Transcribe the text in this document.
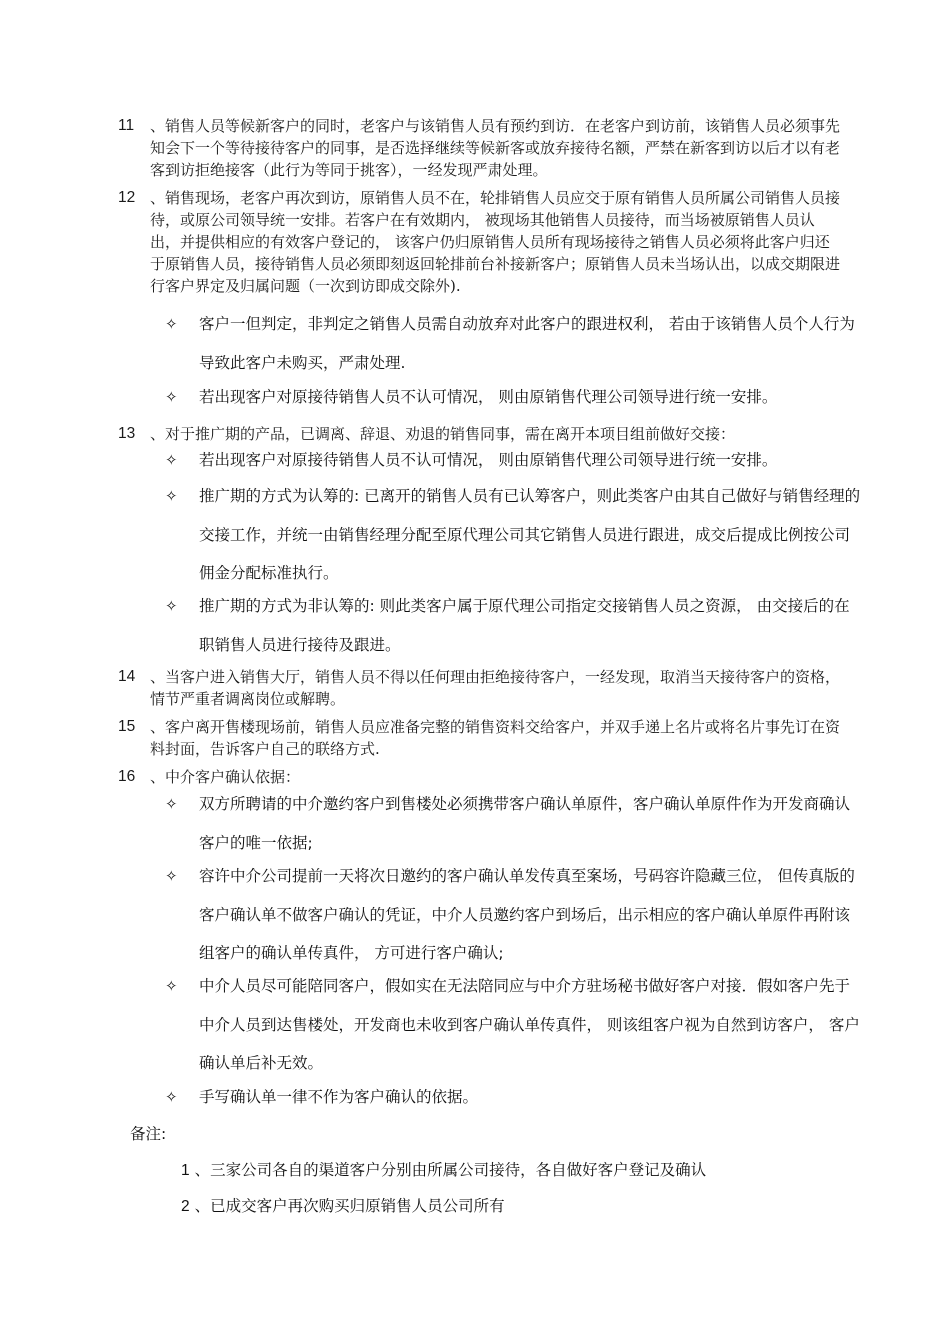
11	、销售人员等候新客户的同时，老客户与该销售人员有预约到访．在老客户到访前，该销售人员必须事先知会下一个等待接待客户的同事，是否选择继续等候新客或放弃接待名额，严禁在新客到访以后才以有老客到访拒绝接客（此行为等同于挑客），一经发现严肃处理。
12 、销售现场，老客户再次到访，原销售人员不在，轮排销售人员应交于原有销售人员所属公司销售人员接待，或原公司领导统一安排。若客户在有效期内， 被现场其他销售人员接待，而当场被原销售人员认出，并提供相应的有效客户登记的， 该客户仍归原销售人员所有现场接待之销售人员必须将此客户归还于原销售人员，接待销售人员必须即刻返回轮排前台补接新客户；原销售人员未当场认出，以成交期限进行客户界定及归属问题（一次到访即成交除外).
✧	客户一但判定，非判定之销售人员需自动放弃对此客户的跟进权利， 若由于该销售人员个人行为导致此客户未购买，严肃处理.
✧	若出现客户对原接待销售人员不认可情况， 则由原销售代理公司领导进行统一安排。
13 、对于推广期的产品，已调离、辞退、劝退的销售同事，需在离开本项目组前做好交接：
✧	若出现客户对原接待销售人员不认可情况， 则由原销售代理公司领导进行统一安排。
✧	推广期的方式为认筹的: 已离开的销售人员有已认筹客户，则此类客户由其自己做好与销售经理的交接工作，并统一由销售经理分配至原代理公司其它销售人员进行跟进，成交后提成比例按公司佣金分配标准执行。
✧	推广期的方式为非认筹的: 则此类客户属于原代理公司指定交接销售人员之资源， 由交接后的在职销售人员进行接待及跟进。
14 、当客户进入销售大厅，销售人员不得以任何理由拒绝接待客户，一经发现，取消当天接待客户的资格，情节严重者调离岗位或解聘。
15 、客户离开售楼现场前，销售人员应准备完整的销售资料交给客户，并双手递上名片或将名片事先订在资料封面，告诉客户自己的联络方式.
16 、中介客户确认依据：
✧	双方所聘请的中介邀约客户到售楼处必须携带客户确认单原件，客户确认单原件作为开发商确认客户的唯一依据;
✧	容许中介公司提前一天将次日邀约的客户确认单发传真至案场，号码容许隐藏三位， 但传真版的客户确认单不做客户确认的凭证，中介人员邀约客户到场后，出示相应的客户确认单原件再附该组客户的确认单传真件， 方可进行客户确认;
✧	中介人员尽可能陪同客户，假如实在无法陪同应与中介方驻场秘书做好客户对接．假如客户先于中介人员到达售楼处，开发商也未收到客户确认单传真件， 则该组客户视为自然到访客户， 客户确认单后补无效。
✧	手写确认单一律不作为客户确认的依据。
备注:
1 、三家公司各自的渠道客户分别由所属公司接待，各自做好客户登记及确认
2 、已成交客户再次购买归原销售人员公司所有
